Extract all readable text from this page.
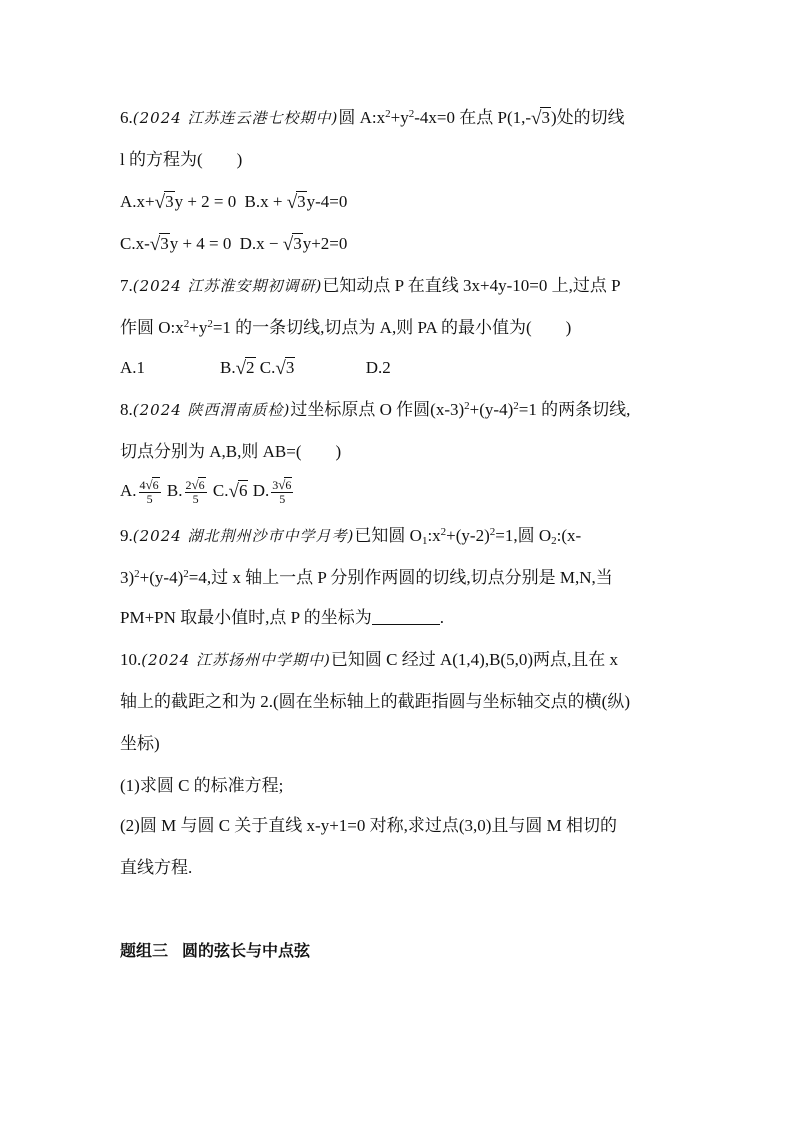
6.(2024 江苏连云港七校期中)圆 $A:x^2+y^2-4x=0$ 在点 P(1,-√3)处的切线
l 的方程为(　　)
A.x+√3y + 2 = 0 B.x + √3y-4=0
C.x-√3y + 4 = 0 D.x − √3y+2=0
7.(2024 江苏淮安期初调研)已知动点 P 在直线 3x+4y-10=0 上,过点 P
作圆 $O:x^2+y^2=1$ 的一条切线,切点为 A,则 PA 的最小值为(　　)
A.1	B.√2 C.√3	D.2
8.(2024 陕西渭南质检)过坐标原点 O 作圆$(x-3)^2+(y-4)^2=1$ 的两条切线,
切点分别为 A,B,则 AB=(　　)
A. $\frac{4√6}{5} B$. $\frac{2√6}{5} C.√6$ D. $\frac{3√6}{5}$
9.(2024 湖北荆州沙市中学月考)已知圆 $O_1:x^2+(y-2)^2=1$,圆 $O_2:(x-$
$3)^2+(y-4)^2=4$,过 x 轴上一点 P 分别作两圆的切线,切点分别是 M,N,当
PM+PN 取最小值时,点 P 的坐标为	.
10.(2024 江苏扬州中学期中)已知圆 C 经过 A(1,4),B(5,0)两点,且在 x
轴上的截距之和为 2.(圆在坐标轴上的截距指圆与坐标轴交点的横(纵)
坐标)
(1)求圆 C 的标准方程;
(2)圆 M 与圆 C 关于直线 x-y+1=0 对称,求过点(3,0)且与圆 M 相切的
直线方程.
题组三 圆的弦长与中点弦
